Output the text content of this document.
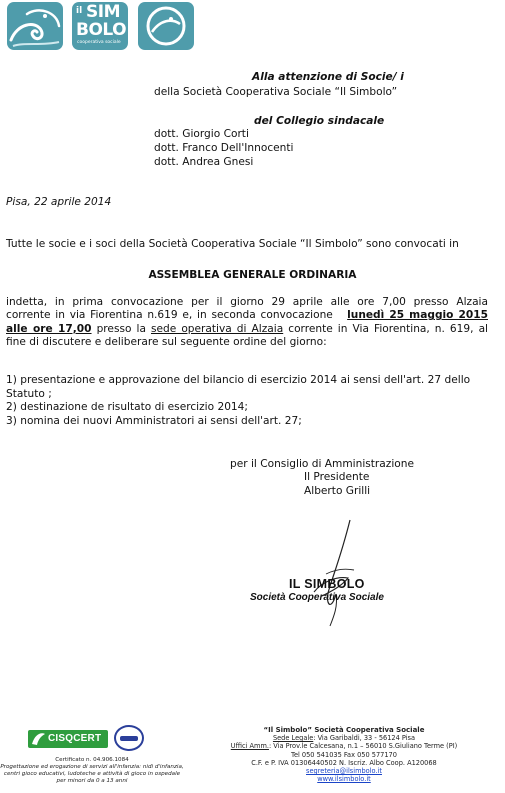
il SIM
BOLO
cooperativa sociale
Alla attenzione di Socie/ i
della Società Cooperativa Sociale “Il Simbolo”
del Collegio sindacale
dott. Giorgio Corti
dott. Franco Dell'Innocenti
dott. Andrea Gnesi
Pisa, 22 aprile 2014
Tutte le socie e i soci della Società Cooperativa Sociale “Il Simbolo” sono convocati in
ASSEMBLEA GENERALE ORDINARIA
indetta, in prima convocazione per il giorno 29 aprile alle ore 7,00 presso Alzaia
corrente in via Fiorentina n.619 e, in seconda convocazione lunedì 25 maggio 2015
alle ore 17,00 presso la sede operativa di Alzaia corrente in Via Fiorentina, n. 619, al
fine di discutere e deliberare sul seguente ordine del giorno:
1) presentazione e approvazione del bilancio di esercizio 2014 ai sensi dell'art. 27 dello
Statuto ;
2) destinazione de risultato di esercizio 2014;
3) nomina dei nuovi Amministratori ai sensi dell'art. 27;
per il Consiglio di Amministrazione
Il Presidente
Alberto Grilli
IL SIMBOLO
Società Cooperativa Sociale
CISQCERT
Certificato n. 04.906.1084
Progettazione ed erogazione di servizi all'infanzia: nidi d'infanzia,
centri gioco educativi, ludoteche e attività di gioco in ospedale
per minori da 0 a 13 anni
“Il Simbolo” Società Cooperativa Sociale
Sede Legale: Via Garibaldi, 33 - 56124 Pisa
Uffici Amm.: Via Prov.le Calcesana, n.1 – 56010 S.Giuliano Terme (PI)
Tel 050 541035 Fax 050 577170
C.F. e P. IVA 01306440502 N. Iscriz. Albo Coop. A120068
segreteria@ilsimbolo.it
www.ilsimbolo.it
